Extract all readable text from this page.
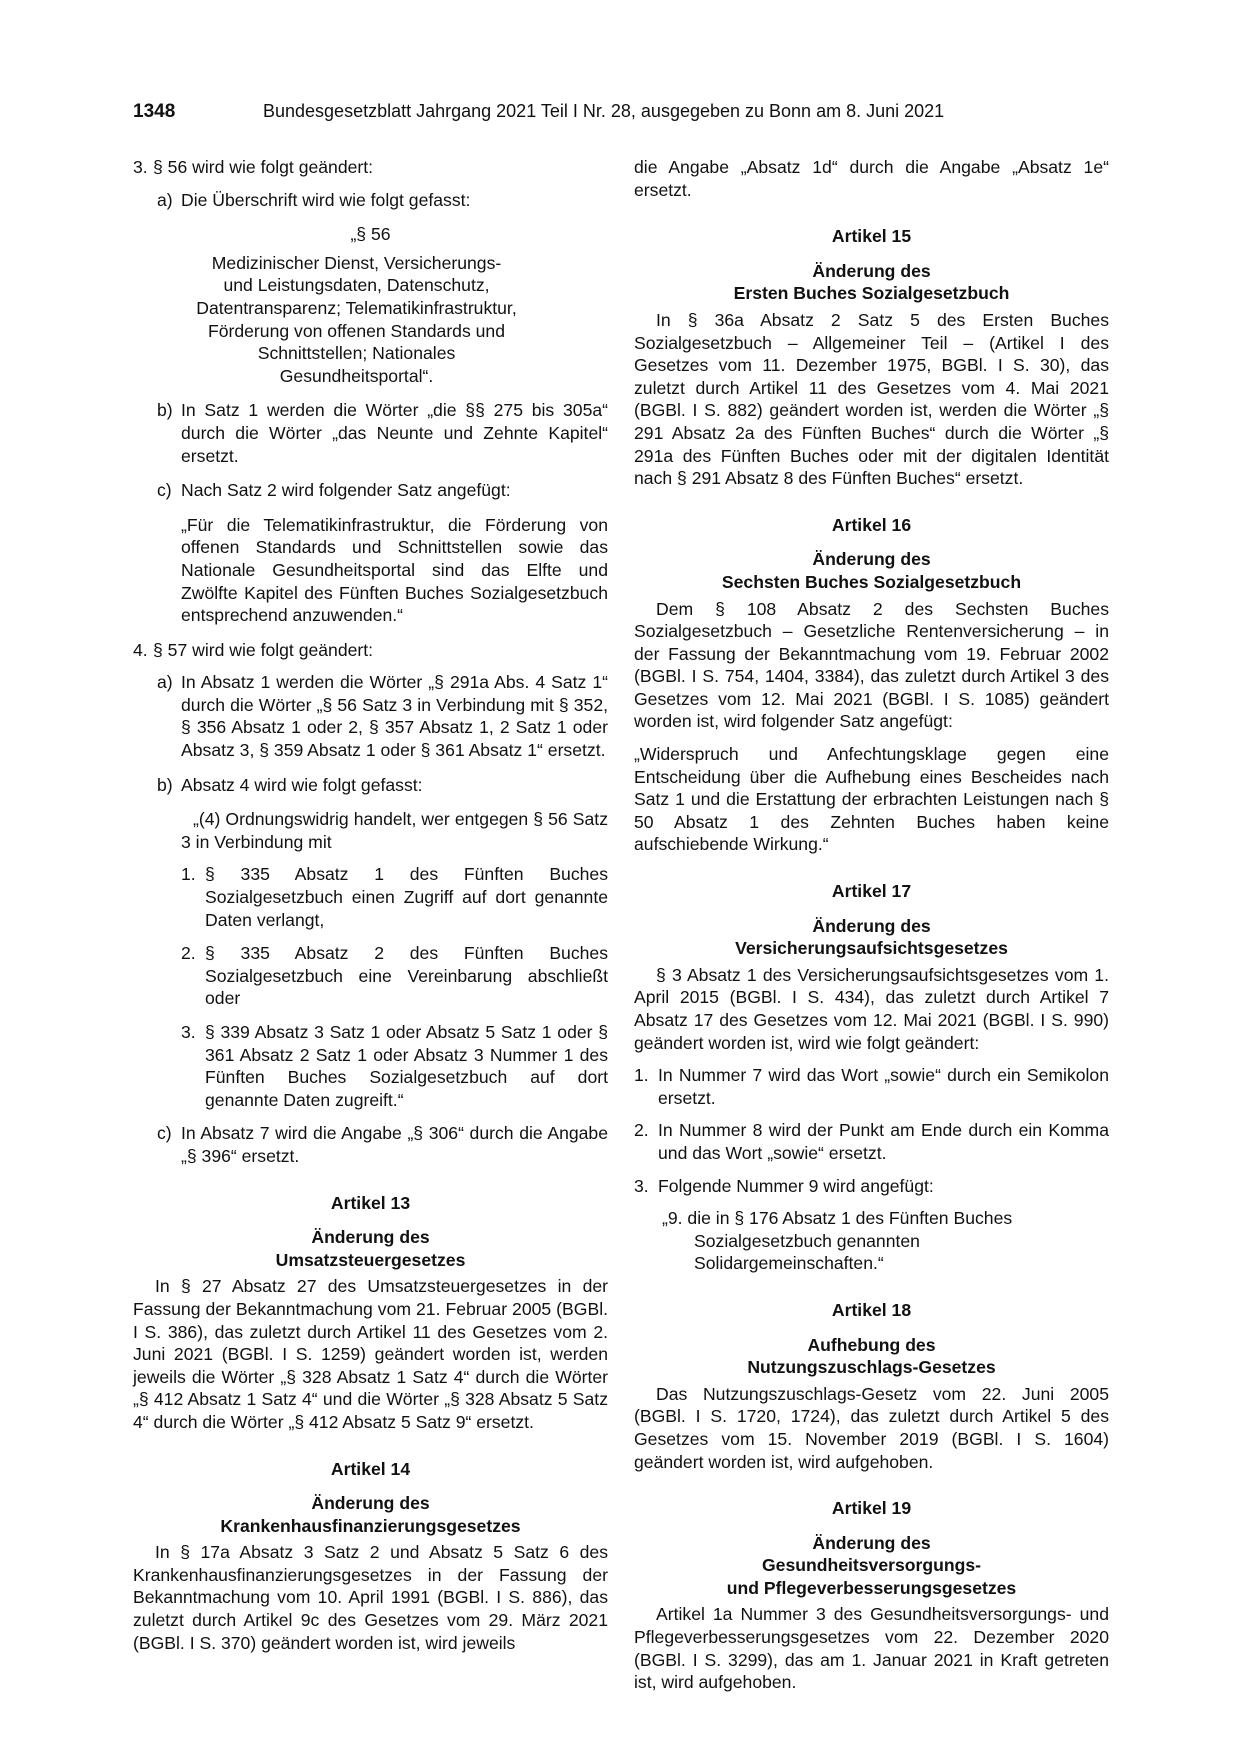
1348	Bundesgesetzblatt Jahrgang 2021 Teil I Nr. 28, ausgegeben zu Bonn am 8. Juni 2021
3. § 56 wird wie folgt geändert:
a) Die Überschrift wird wie folgt gefasst:

„§ 56

Medizinischer Dienst, Versicherungs- und Leistungsdaten, Datenschutz, Datentransparenz; Telematikinfrastruktur, Förderung von offenen Standards und Schnittstellen; Nationales Gesundheitsportal“.

b) In Satz 1 werden die Wörter „die §§ 275 bis 305a“ durch die Wörter „das Neunte und Zehnte Kapitel“ ersetzt.
c) Nach Satz 2 wird folgender Satz angefügt:

„Für die Telematikinfrastruktur, die Förderung von offenen Standards und Schnittstellen sowie das Nationale Gesundheitsportal sind das Elfte und Zwölfte Kapitel des Fünften Buches Sozialgesetzbuch entsprechend anzuwenden.“

4. § 57 wird wie folgt geändert:
a) In Absatz 1 werden die Wörter „§ 291a Abs. 4 Satz 1“ durch die Wörter „§ 56 Satz 3 in Verbindung mit § 352, § 356 Absatz 1 oder 2, § 357 Absatz 1, 2 Satz 1 oder Absatz 3, § 359 Absatz 1 oder § 361 Absatz 1“ ersetzt.
b) Absatz 4 wird wie folgt gefasst:

„(4) Ordnungswidrig handelt, wer entgegen § 56 Satz 3 in Verbindung mit

1. § 335 Absatz 1 des Fünften Buches Sozialgesetzbuch einen Zugriff auf dort genannte Daten verlangt,
2. § 335 Absatz 2 des Fünften Buches Sozialgesetzbuch eine Vereinbarung abschließt oder
3. § 339 Absatz 3 Satz 1 oder Absatz 5 Satz 1 oder § 361 Absatz 2 Satz 1 oder Absatz 3 Nummer 1 des Fünften Buches Sozialgesetzbuch auf dort genannte Daten zugreift.“
c) In Absatz 7 wird die Angabe „§ 306“ durch die Angabe „§ 396“ ersetzt.

Artikel 13

Änderung des

Umsatzsteuergesetzes

In § 27 Absatz 27 des Umsatzsteuergesetzes in der Fassung der Bekanntmachung vom 21. Februar 2005 (BGBl. I S. 386), das zuletzt durch Artikel 11 des Gesetzes vom 2. Juni 2021 (BGBl. I S. 1259) geändert worden ist, werden jeweils die Wörter „§ 328 Absatz 1 Satz 4“ durch die Wörter „§ 412 Absatz 1 Satz 4“ und die Wörter „§ 328 Absatz 5 Satz 4“ durch die Wörter „§ 412 Absatz 5 Satz 9“ ersetzt.

Artikel 14

Änderung des

Krankenhausfinanzierungsgesetzes

In § 17a Absatz 3 Satz 2 und Absatz 5 Satz 6 des Krankenhausfinanzierungsgesetzes in der Fassung der Bekanntmachung vom 10. April 1991 (BGBl. I S. 886), das zuletzt durch Artikel 9c des Gesetzes vom 29. März 2021 (BGBl. I S. 370) geändert worden ist, wird jeweils

die Angabe „Absatz 1d“ durch die Angabe „Absatz 1e“ ersetzt.

Artikel 15

Änderung des

Ersten Buches Sozialgesetzbuch

In § 36a Absatz 2 Satz 5 des Ersten Buches Sozialgesetzbuch – Allgemeiner Teil – (Artikel I des Gesetzes vom 11. Dezember 1975, BGBl. I S. 30), das zuletzt durch Artikel 11 des Gesetzes vom 4. Mai 2021 (BGBl. I S. 882) geändert worden ist, werden die Wörter „§ 291 Absatz 2a des Fünften Buches“ durch die Wörter „§ 291a des Fünften Buches oder mit der digitalen Identität nach § 291 Absatz 8 des Fünften Buches“ ersetzt.

Artikel 16

Änderung des

Sechsten Buches Sozialgesetzbuch

Dem § 108 Absatz 2 des Sechsten Buches Sozialgesetzbuch – Gesetzliche Rentenversicherung – in der Fassung der Bekanntmachung vom 19. Februar 2002 (BGBl. I S. 754, 1404, 3384), das zuletzt durch Artikel 3 des Gesetzes vom 12. Mai 2021 (BGBl. I S. 1085) geändert worden ist, wird folgender Satz angefügt:

„Widerspruch und Anfechtungsklage gegen eine Entscheidung über die Aufhebung eines Bescheides nach Satz 1 und die Erstattung der erbrachten Leistungen nach § 50 Absatz 1 des Zehnten Buches haben keine aufschiebende Wirkung.“

Artikel 17

Änderung des

Versicherungsaufsichtsgesetzes

§ 3 Absatz 1 des Versicherungsaufsichtsgesetzes vom 1. April 2015 (BGBl. I S. 434), das zuletzt durch Artikel 7 Absatz 17 des Gesetzes vom 12. Mai 2021 (BGBl. I S. 990) geändert worden ist, wird wie folgt geändert:

1. In Nummer 7 wird das Wort „sowie“ durch ein Semikolon ersetzt.
2. In Nummer 8 wird der Punkt am Ende durch ein Komma und das Wort „sowie“ ersetzt.
3. Folgende Nummer 9 wird angefügt:

„9. die in § 176 Absatz 1 des Fünften Buches Sozialgesetzbuch genannten Solidargemeinschaften.“

Artikel 18

Aufhebung des

Nutzungszuschlags-Gesetzes

Das Nutzungszuschlags-Gesetz vom 22. Juni 2005 (BGBl. I S. 1720, 1724), das zuletzt durch Artikel 5 des Gesetzes vom 15. November 2019 (BGBl. I S. 1604) geändert worden ist, wird aufgehoben.

Artikel 19

Änderung des

Gesundheitsversorgungs-

und Pflegeverbesserungsgesetzes

Artikel 1a Nummer 3 des Gesundheitsversorgungs- und Pflegeverbesserungsgesetzes vom 22. Dezember 2020 (BGBl. I S. 3299), das am 1. Januar 2021 in Kraft getreten ist, wird aufgehoben.
